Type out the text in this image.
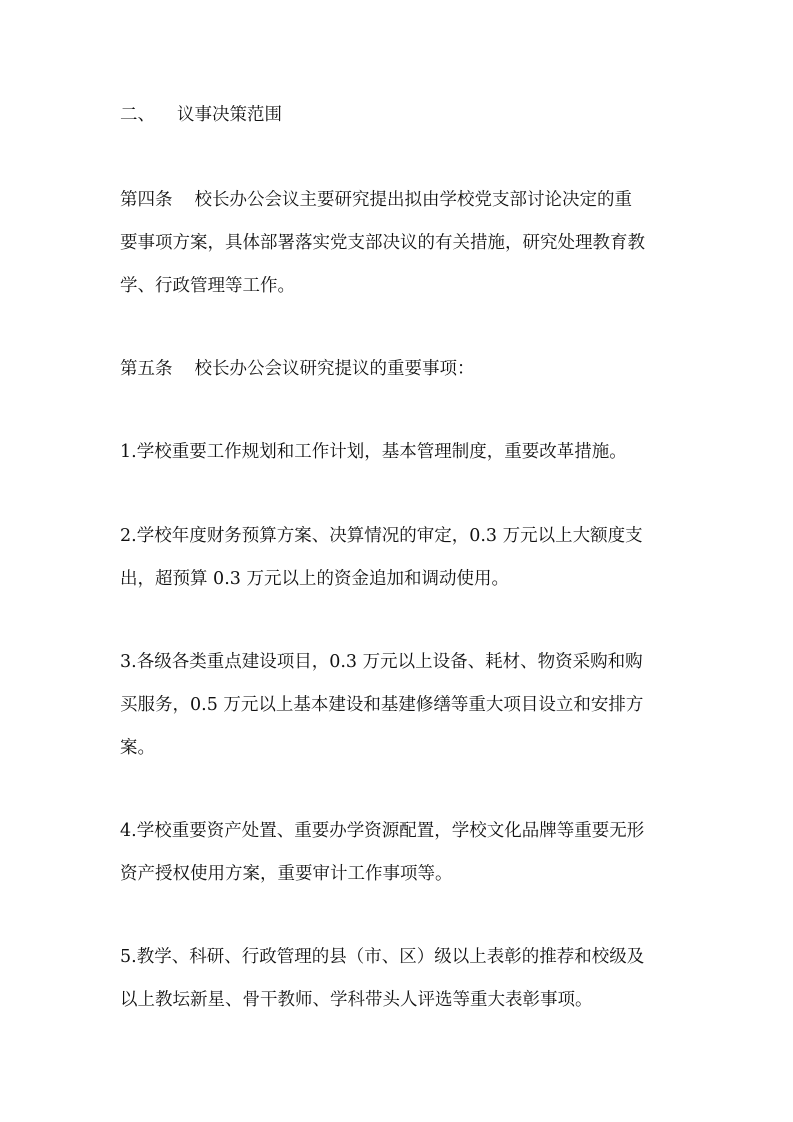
二、 议事决策范围
第四条 校长办公会议主要研究提出拟由学校党支部讨论决定的重
要事项方案，具体部署落实党支部决议的有关措施，研究处理教育教
学、行政管理等工作。
第五条 校长办公会议研究提议的重要事项：
1.学校重要工作规划和工作计划，基本管理制度，重要改革措施。
2.学校年度财务预算方案、决算情况的审定，0.3 万元以上大额度支
出，超预算 0.3 万元以上的资金追加和调动使用。
3.各级各类重点建设项目，0.3 万元以上设备、耗材、物资采购和购
买服务，0.5 万元以上基本建设和基建修缮等重大项目设立和安排方
案。
4.学校重要资产处置、重要办学资源配置，学校文化品牌等重要无形
资产授权使用方案，重要审计工作事项等。
5.教学、科研、行政管理的县（市、区）级以上表彰的推荐和校级及
以上教坛新星、骨干教师、学科带头人评选等重大表彰事项。
